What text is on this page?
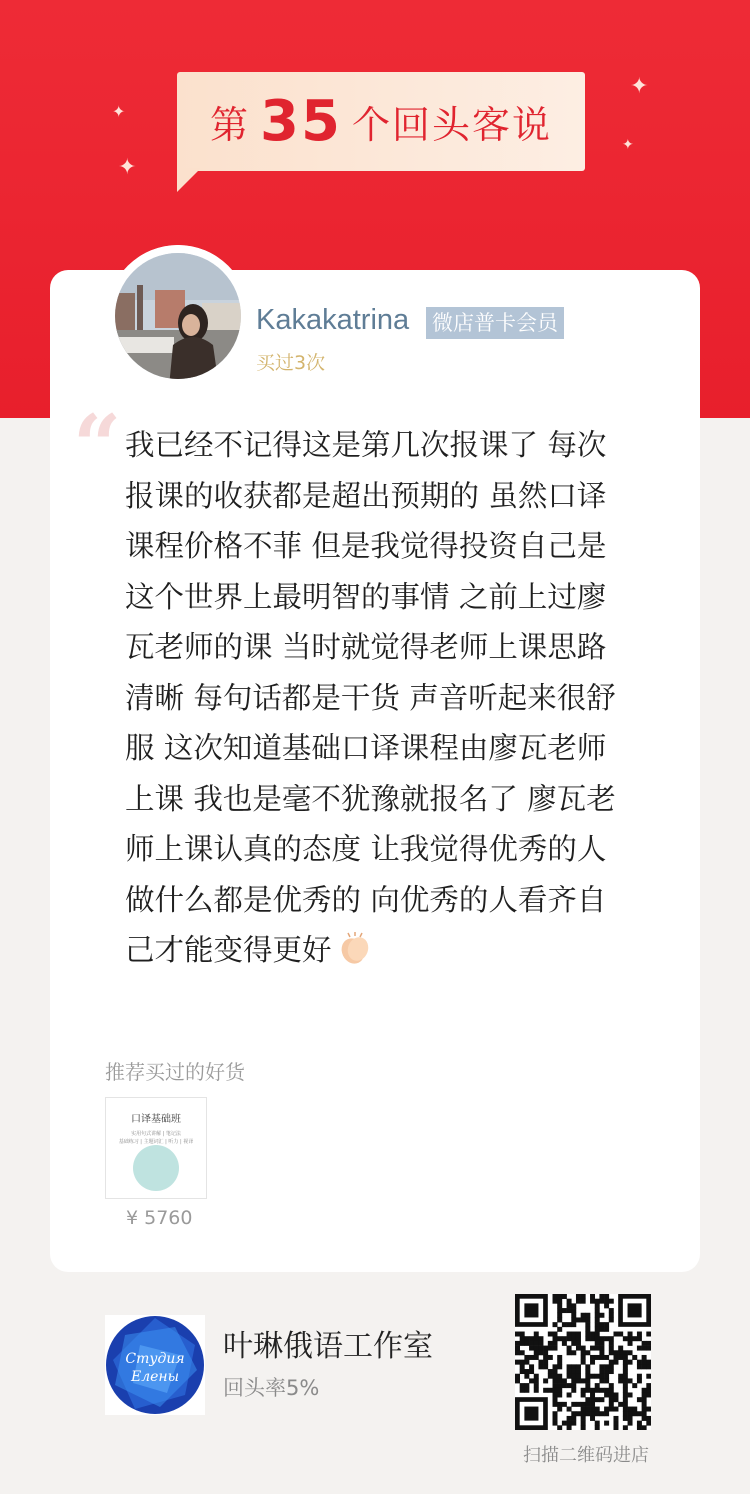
✦
✦
✦
✦
第 35 个回头客说
Kakakatrina 微店普卡会员
买过3次
“ 我已经不记得这是第几次报课了 每次报课的收获都是超出预期的 虽然口译课程价格不菲 但是我觉得投资自己是这个世界上最明智的事情 之前上过廖瓦老师的课 当时就觉得老师上课思路清晰 每句话都是干货 声音听起来很舒服 这次知道基础口译课程由廖瓦老师上课 我也是毫不犹豫就报名了 廖瓦老师上课认真的态度 让我觉得优秀的人做什么都是优秀的 向优秀的人看齐自己才能变得更好
推荐买过的好货
口译基础班
实用句式讲解 | 笔记法
基础练习 | 主题词汇 | 听力 | 视译
¥ 5760
Студия
Елены
叶琳俄语工作室
回头率5%
扫描二维码进店
